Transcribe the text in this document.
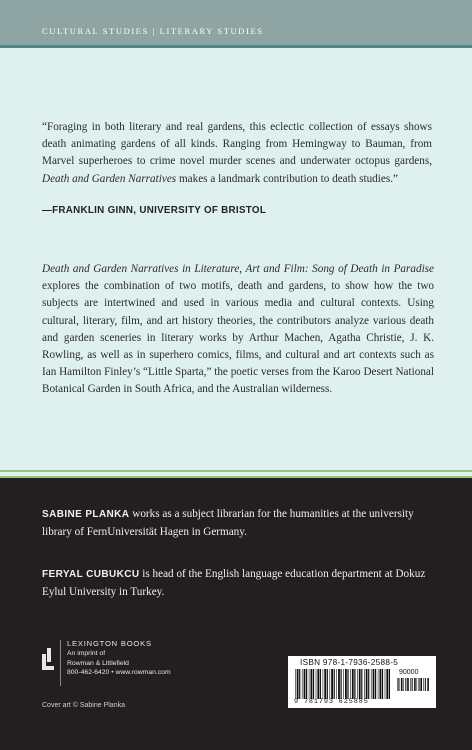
CULTURAL STUDIES | LITERARY STUDIES
“Foraging in both literary and real gardens, this eclectic collection of essays shows death animating gardens of all kinds. Ranging from Hemingway to Bauman, from Marvel superheroes to crime novel murder scenes and underwater octopus gardens, Death and Garden Narratives makes a landmark contribution to death studies.”
—FRANKLIN GINN, UNIVERSITY OF BRISTOL
Death and Garden Narratives in Literature, Art and Film: Song of Death in Paradise explores the combination of two motifs, death and gardens, to show how the two subjects are intertwined and used in various media and cultural contexts. Using cultural, literary, film, and art history theories, the contributors analyze various death and garden sceneries in literary works by Arthur Machen, Agatha Christie, J. K. Rowling, as well as in superhero comics, films, and cultural and art contexts such as Ian Hamilton Finley’s “Little Sparta,” the poetic verses from the Karoo Desert National Botanical Garden in South Africa, and the Australian wilderness.
SABINE PLANKA works as a subject librarian for the humanities at the university library of FernUniversität Hagen in Germany.
FERYAL CUBUKCU is head of the English language education department at Dokuz Eylul University in Turkey.
LEXINGTON BOOKS
An imprint of
Rowman & Littlefield
800-462-6420 • www.rowman.com
Cover art © Sabine Planka
ISBN 978-1-7936-2588-5
90000
9 781793 625885
